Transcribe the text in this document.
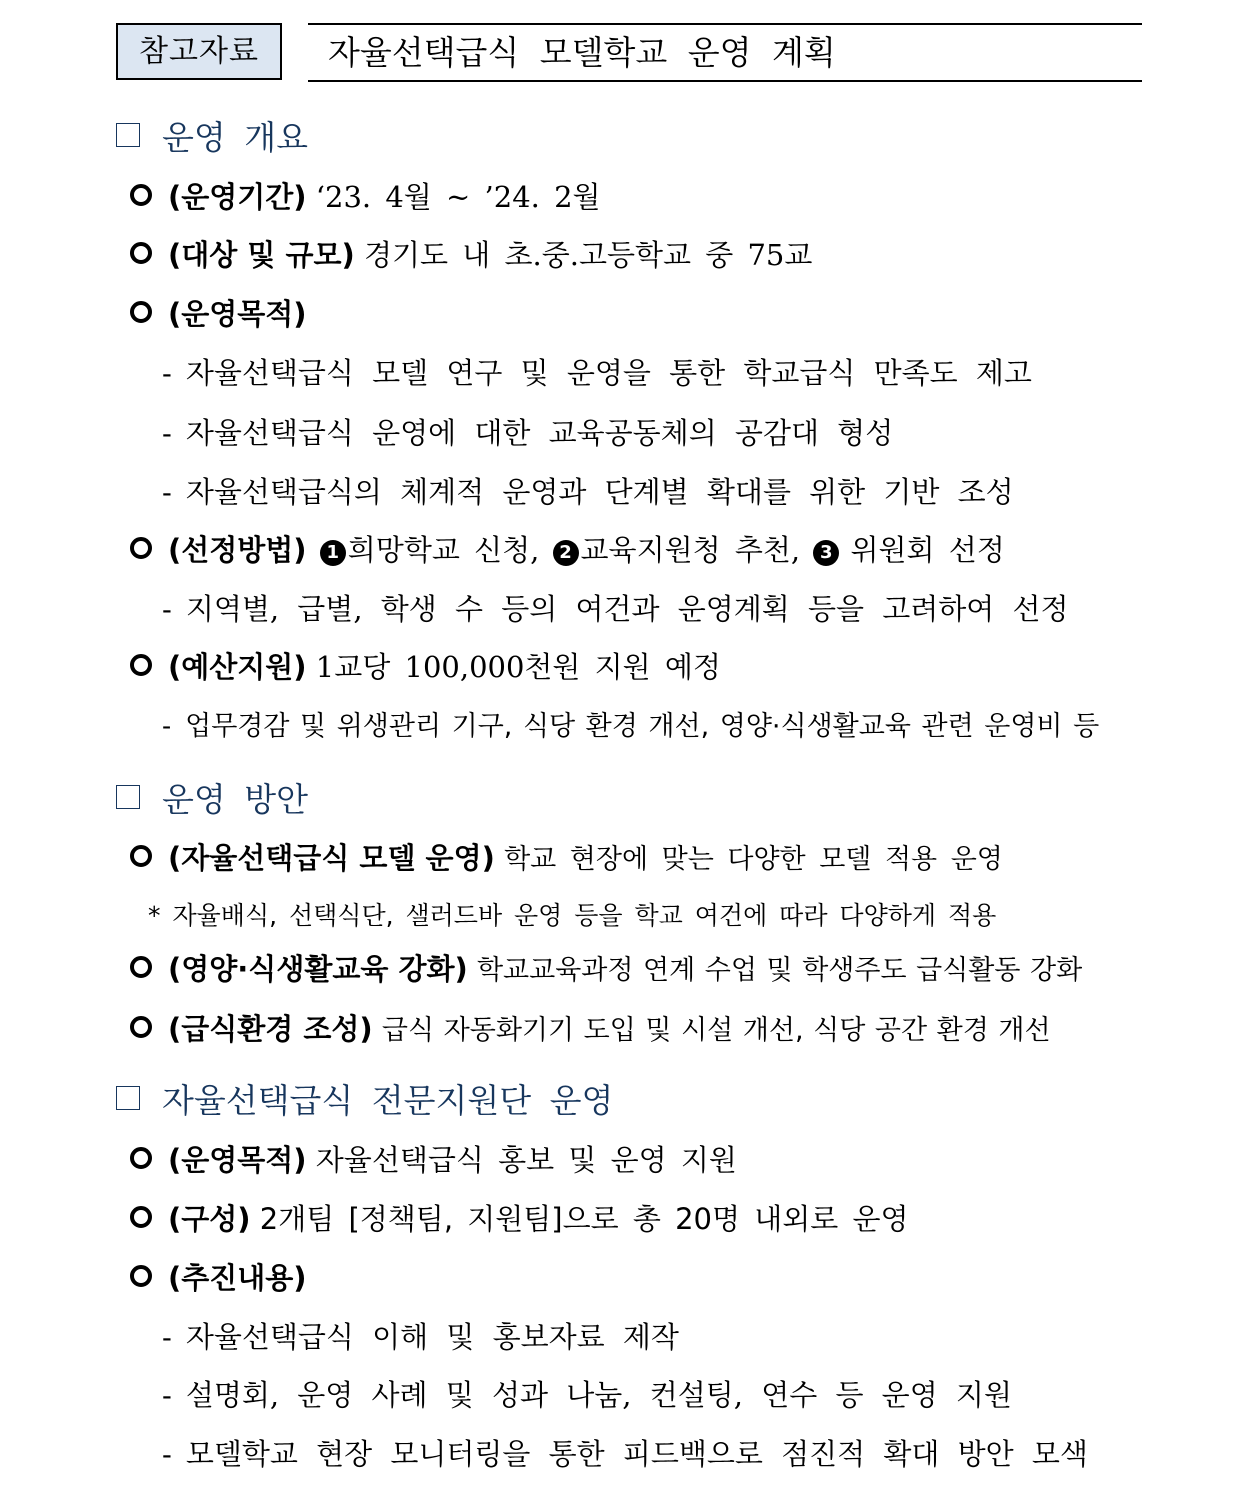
참고자료	자율선택급식 모델학교 운영 계획
운영 개요
(운영기간) ‘23. 4월 ~ ’24. 2월
(대상 및 규모) 경기도 내 초.중.고등학교 중 75교
(운영목적)
- 자율선택급식 모델 연구 및 운영을 통한 학교급식 만족도 제고
- 자율선택급식 운영에 대한 교육공동체의 공감대 형성
- 자율선택급식의 체계적 운영과 단계별 확대를 위한 기반 조성
(선정방법) 1 희망학교 신청, 2 교육지원청 추천, 3 위원회 선정
- 지역별, 급별, 학생 수 등의 여건과 운영계획 등을 고려하여 선정
(예산지원) 1교당 100,000천원 지원 예정
- 업무경감 및 위생관리 기구, 식당 환경 개선, 영양·식생활교육 관련 운영비 등
운영 방안
(자율선택급식 모델 운영) 학교 현장에 맞는 다양한 모델 적용 운영
* 자율배식, 선택식단, 샐러드바 운영 등을 학교 여건에 따라 다양하게 적용
(영양·식생활교육 강화) 학교교육과정 연계 수업 및 학생주도 급식활동 강화
(급식환경 조성) 급식 자동화기기 도입 및 시설 개선, 식당 공간 환경 개선
자율선택급식 전문지원단 운영
(운영목적) 자율선택급식 홍보 및 운영 지원
(구성) 2개팀 [정책팀, 지원팀]으로 총 20명 내외로 운영
(추진내용)
- 자율선택급식 이해 및 홍보자료 제작
- 설명회, 운영 사례 및 성과 나눔, 컨설팅, 연수 등 운영 지원
- 모델학교 현장 모니터링을 통한 피드백으로 점진적 확대 방안 모색
